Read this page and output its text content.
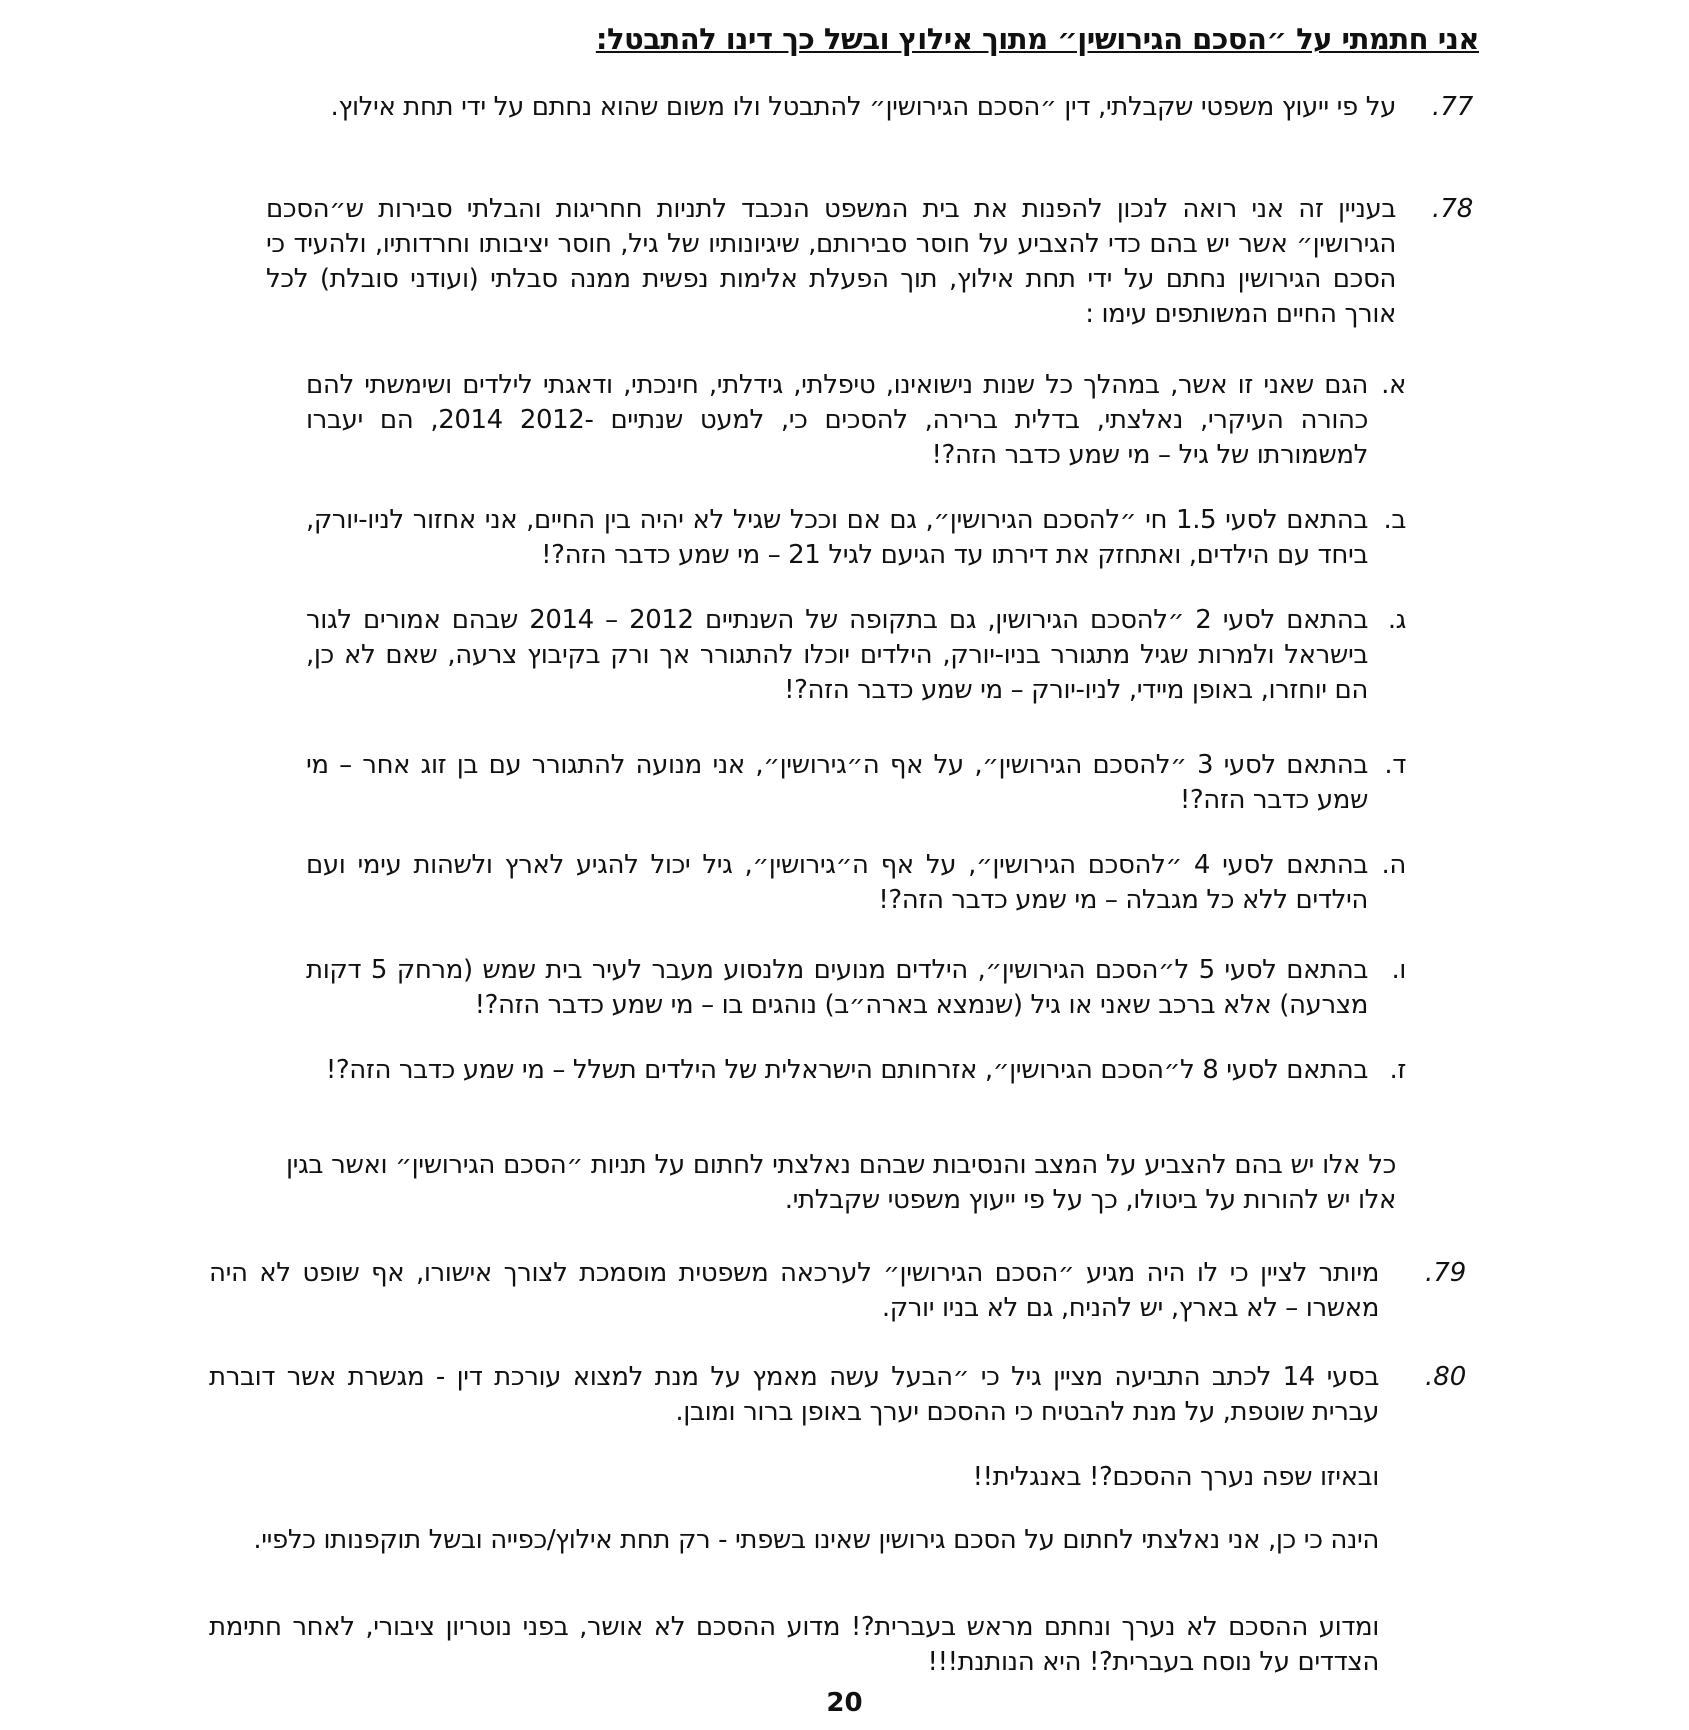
אני חתמתי על ״הסכם הגירושין״ מתוך אילוץ ובשל כך דינו להתבטל:
.77
על פי ייעוץ משפטי שקבלתי, דין ״הסכם הגירושין״ להתבטל ולו משום שהוא נחתם על ידי תחת אילוץ.
.78
בעניין זה אני רואה לנכון להפנות את בית המשפט הנכבד לתניות חחריגות והבלתי סבירות ש״הסכם הגירושין״ אשר יש בהם כדי להצביע על חוסר סבירותם, שיגיונותיו של גיל, חוסר יציבותו וחרדותיו, ולהעיד כי הסכם הגירושין נחתם על ידי תחת אילוץ, תוך הפעלת אלימות נפשית ממנה סבלתי (ועודני סובלת) לכל אורך החיים המשותפים עימו :
א.
הגם שאני זו אשר, במהלך כל שנות נישואינו, טיפלתי, גידלתי, חינכתי, ודאגתי לילדים ושימשתי להם כהורה העיקרי, נאלצתי, בדלית ברירה, להסכים כי, למעט שנתיים -2012 2014, הם יעברו למשמורתו של גיל – מי שמע כדבר הזה?!
ב.
בהתאם לסעי 1.5 חי ״להסכם הגירושין״, גם אם וככל שגיל לא יהיה בין החיים, אני אחזור לניו-יורק, ביחד עם הילדים, ואתחזק את דירתו עד הגיעם לגיל 21 – מי שמע כדבר הזה?!
ג.
בהתאם לסעי 2 ״להסכם הגירושין, גם בתקופה של השנתיים 2012 – 2014 שבהם אמורים לגור בישראל ולמרות שגיל מתגורר בניו-יורק, הילדים יוכלו להתגורר אך ורק בקיבוץ צרעה, שאם לא כן, הם יוחזרו, באופן מיידי, לניו-יורק – מי שמע כדבר הזה?!
ד.
בהתאם לסעי 3 ״להסכם הגירושין״, על אף ה״גירושין״, אני מנועה להתגורר עם בן זוג אחר – מי שמע כדבר הזה?!
ה.
בהתאם לסעי 4 ״להסכם הגירושין״, על אף ה״גירושין״, גיל יכול להגיע לארץ ולשהות עימי ועם הילדים ללא כל מגבלה – מי שמע כדבר הזה?!
ו.
בהתאם לסעי 5 ל״הסכם הגירושין״, הילדים מנועים מלנסוע מעבר לעיר בית שמש (מרחק 5 דקות מצרעה) אלא ברכב שאני או גיל (שנמצא בארה״ב) נוהגים בו – מי שמע כדבר הזה?!
ז.
בהתאם לסעי 8 ל״הסכם הגירושין״, אזרחותם הישראלית של הילדים תשלל – מי שמע כדבר הזה?!
כל אלו יש בהם להצביע על המצב והנסיבות שבהם נאלצתי לחתום על תניות ״הסכם הגירושין״ ואשר בגין אלו יש להורות על ביטולו, כך על פי ייעוץ משפטי שקבלתי.
.79
מיותר לציין כי לו היה מגיע ״הסכם הגירושין״ לערכאה משפטית מוסמכת לצורך אישורו, אף שופט לא היה מאשרו – לא בארץ, יש להניח, גם לא בניו יורק.
.80
בסעי 14 לכתב התביעה מציין גיל כי ״הבעל עשה מאמץ על מנת למצוא עורכת דין - מגשרת אשר דוברת עברית שוטפת, על מנת להבטיח כי ההסכם יערך באופן ברור ומובן.
ובאיזו שפה נערך ההסכם?! באנגלית!!
הינה כי כן, אני נאלצתי לחתום על הסכם גירושין שאינו בשפתי - רק תחת אילוץ/כפייה ובשל תוקפנותו כלפיי.
ומדוע ההסכם לא נערך ונחתם מראש בעברית?! מדוע ההסכם לא אושר, בפני נוטריון ציבורי, לאחר חתימת הצדדים על נוסח בעברית?! היא הנותנת!!!
20
